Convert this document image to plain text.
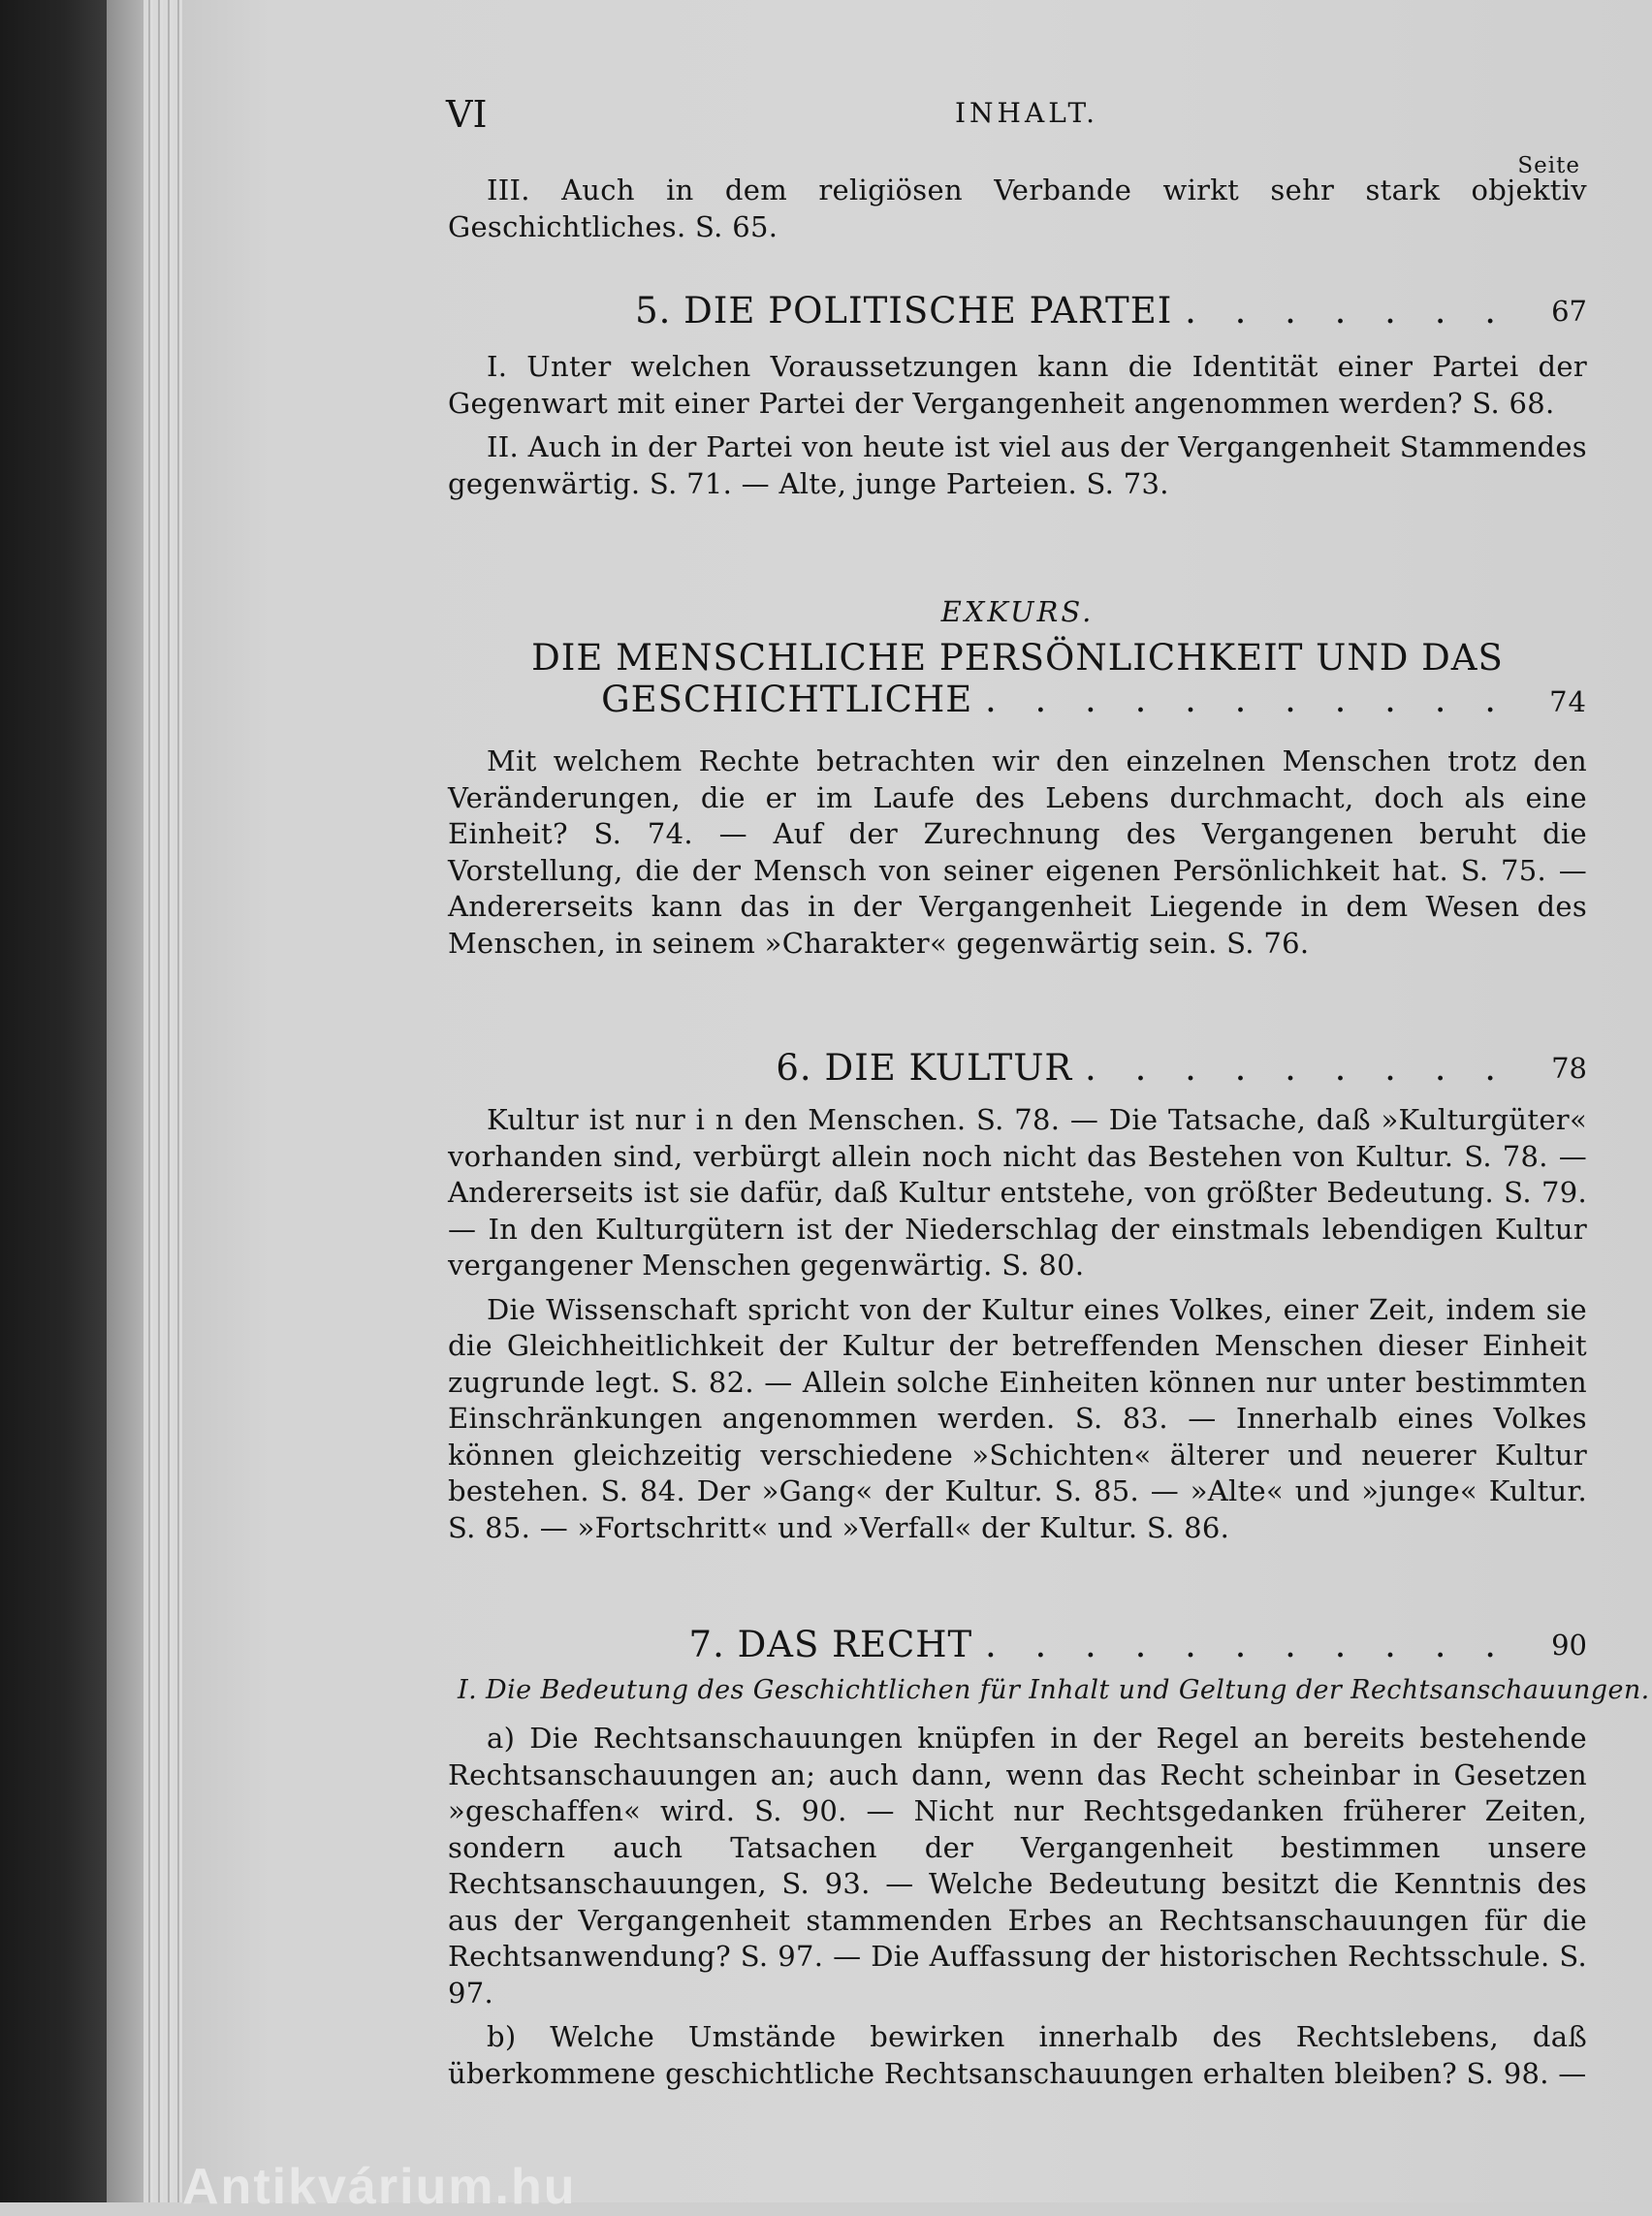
Antikvárium.hu
VI	INHALT.
Seite

III. Auch in dem religiösen Verbande wirkt sehr stark objektiv Geschichtliches. S. 65.

5. DIE POLITISCHE PARTEI . . . . . . . 67

I. Unter welchen Voraussetzungen kann die Identität einer Partei der Gegenwart mit einer Partei der Vergangenheit angenommen werden? S. 68.

II. Auch in der Partei von heute ist viel aus der Vergangenheit Stammendes gegenwärtig. S. 71. — Alte, junge Parteien. S. 73.

EXKURS.
DIE MENSCHLICHE PERSÖNLICHKEIT UND DAS
GESCHICHTLICHE . . . . . . . . . . . 74

Mit welchem Rechte betrachten wir den einzelnen Menschen trotz den Veränderungen, die er im Laufe des Lebens durchmacht, doch als eine Einheit? S. 74. — Auf der Zurechnung des Vergangenen beruht die Vorstellung, die der Mensch von seiner eigenen Persönlichkeit hat. S. 75. — Andererseits kann das in der Vergangenheit Liegende in dem Wesen des Menschen, in seinem »Charakter« gegenwärtig sein. S. 76.

6. DIE KULTUR . . . . . . . . . 78

Kultur ist nur i n den Menschen. S. 78. — Die Tatsache, daß »Kulturgüter« vorhanden sind, verbürgt allein noch nicht das Bestehen von Kultur. S. 78. — Andererseits ist sie dafür, daß Kultur entstehe, von größter Bedeutung. S. 79. — In den Kulturgütern ist der Niederschlag der einstmals lebendigen Kultur vergangener Menschen gegenwärtig. S. 80.

Die Wissenschaft spricht von der Kultur eines Volkes, einer Zeit, indem sie die Gleichheitlichkeit der Kultur der betreffenden Menschen dieser Einheit zugrunde legt. S. 82. — Allein solche Einheiten können nur unter bestimmten Einschränkungen angenommen werden. S. 83. — Innerhalb eines Volkes können gleichzeitig verschiedene »Schichten« älterer und neuerer Kultur bestehen. S. 84. Der »Gang« der Kultur. S. 85. — »Alte« und »junge« Kultur. S. 85. — »Fortschritt« und »Verfall« der Kultur. S. 86.

7. DAS RECHT . . . . . . . . . . . 90
I. Die Bedeutung des Geschichtlichen für Inhalt und Geltung der Rechtsanschauungen.

a) Die Rechtsanschauungen knüpfen in der Regel an bereits bestehende Rechtsanschauungen an; auch dann, wenn das Recht scheinbar in Gesetzen »geschaffen« wird. S. 90. — Nicht nur Rechtsgedanken früherer Zeiten, sondern auch Tatsachen der Vergangenheit bestimmen unsere Rechtsanschauungen, S. 93. — Welche Bedeutung besitzt die Kenntnis des aus der Vergangenheit stammenden Erbes an Rechtsanschauungen für die Rechtsanwendung? S. 97. — Die Auffassung der historischen Rechtsschule. S. 97.

b) Welche Umstände bewirken innerhalb des Rechtslebens, daß überkommene geschichtliche Rechtsanschauungen erhalten bleiben? S. 98. —
